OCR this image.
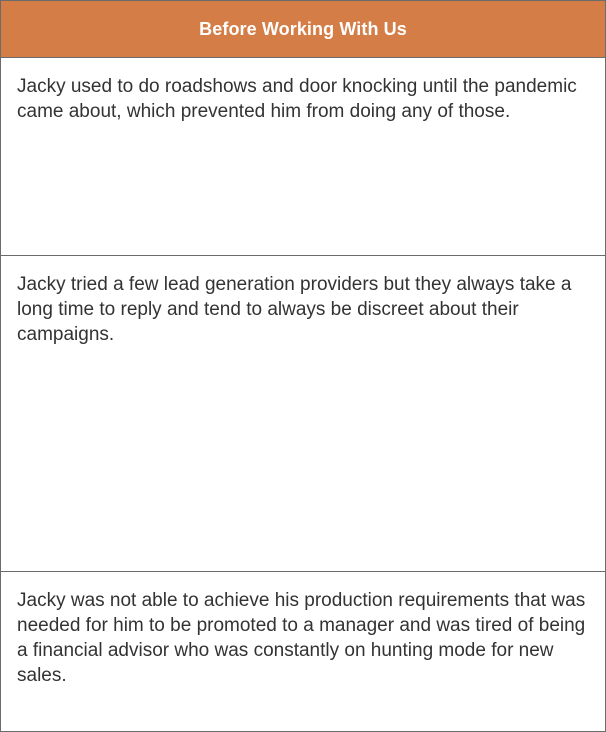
Before Working With Us

Jacky used to do roadshows and door knocking until the pandemic came about, which prevented him from doing any of those.

Jacky tried a few lead generation providers but they always take a long time to reply and tend to always be discreet about their campaigns.

Jacky was not able to achieve his production requirements that was needed for him to be promoted to a manager and was tired of being a financial advisor who was constantly on hunting mode for new sales.
